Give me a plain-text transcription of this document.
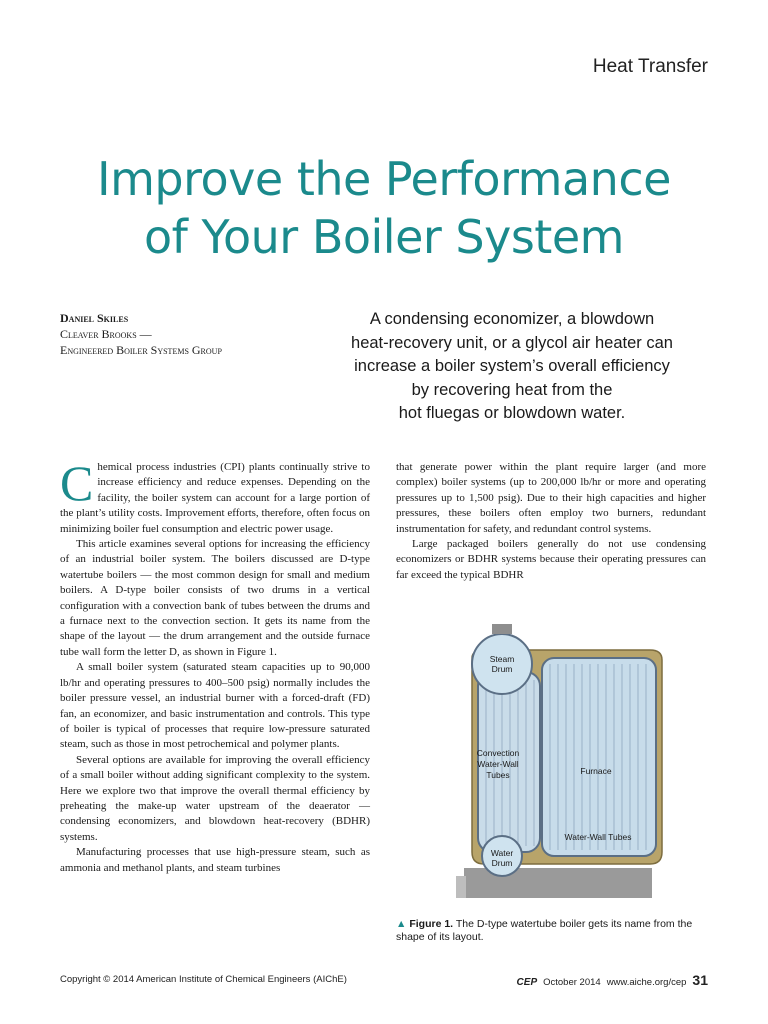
Heat Transfer
Improve the Performance
of Your Boiler System
Daniel Skiles
Cleaver Brooks —
Engineered Boiler Systems Group
A condensing economizer, a blowdown
heat-recovery unit, or a glycol air heater can
increase a boiler system’s overall efficiency
by recovering heat from the
hot fluegas or blowdown water.

Chemical process industries (CPI) plants continually strive to increase efficiency and reduce expenses. Depending on the facility, the boiler system can account for a large portion of the plant’s utility costs. Improvement efforts, therefore, often focus on minimizing boiler fuel consumption and electric power usage.

This article examines several options for increasing the efficiency of an industrial boiler system. The boilers discussed are D-type watertube boilers — the most common design for small and medium boilers. A D-type boiler consists of two drums in a vertical configuration with a convection bank of tubes between the drums and a furnace next to the convection section. It gets its name from the shape of the layout — the drum arrangement and the outside furnace tube wall form the letter D, as shown in Figure 1.

A small boiler system (saturated steam capacities up to 90,000 lb/hr and operating pressures to 400–500 psig) normally includes the boiler pressure vessel, an industrial burner with a forced-draft (FD) fan, an economizer, and basic instrumentation and controls. This type of boiler is typical of processes that require low-pressure saturated steam, such as those in most petrochemical and polymer plants.

Several options are available for improving the overall efficiency of a small boiler without adding significant complexity to the system. Here we explore two that improve the overall thermal efficiency by preheating the make-up water upstream of the deaerator — condensing economizers, and blowdown heat-recovery (BDHR) systems.

Manufacturing processes that use high-pressure steam, such as ammonia and methanol plants, and steam turbines

that generate power within the plant require larger (and more complex) boiler systems (up to 200,000 lb/hr or more and operating pressures up to 1,500 psig). Due to their high capacities and higher pressures, these boilers often employ two burners, redundant instrumentation for safety, and redundant control systems.

Large packaged boilers generally do not use condensing economizers or BDHR systems because their operating pressures can far exceed the typical BDHR

Steam
Drum
Convection
Water-Wall
Tubes	Furnace
Water-Wall Tubes
Water
Drum
▲ Figure 1. The D-type watertube boiler gets its name from the shape of its layout.
Copyright © 2014 American Institute of Chemical Engineers (AIChE)	CEP October 2014 www.aiche.org/cep 31
